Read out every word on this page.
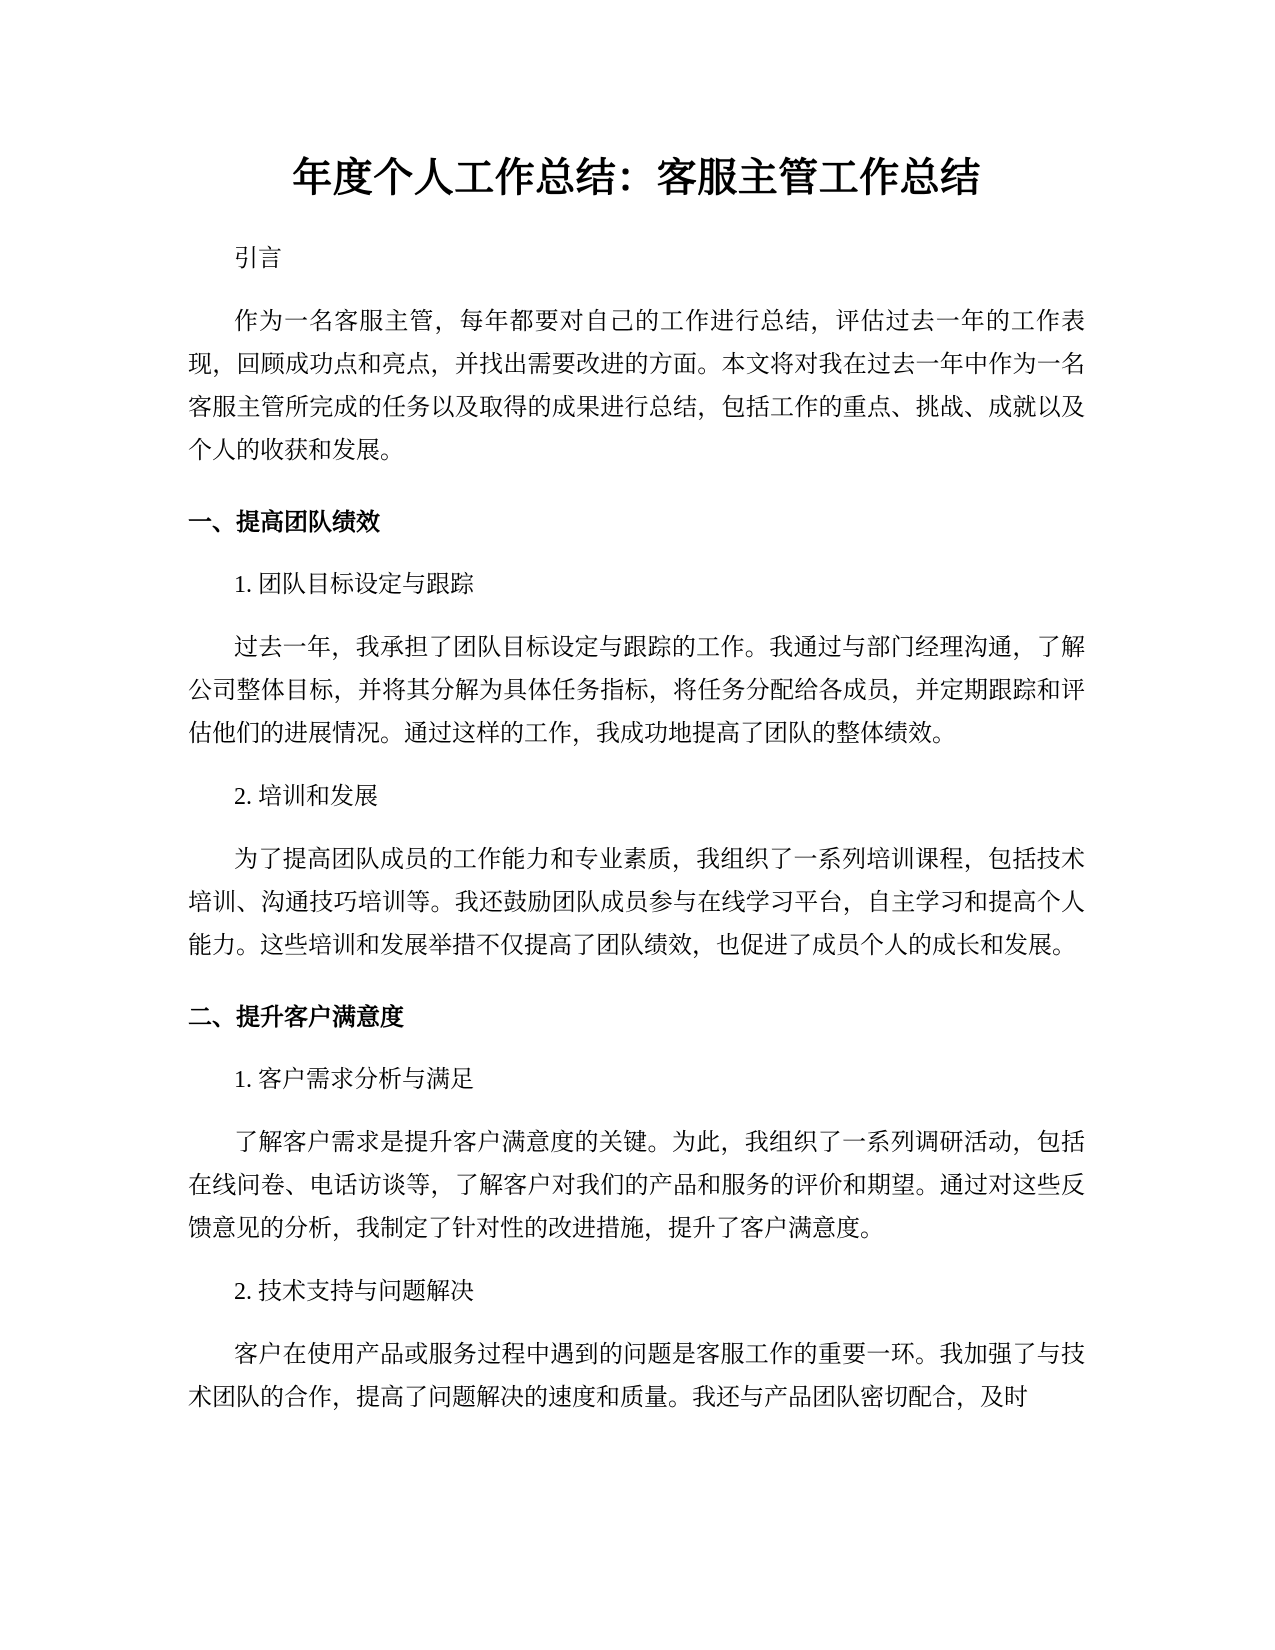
年度个人工作总结：客服主管工作总结

引言

作为一名客服主管，每年都要对自己的工作进行总结，评估过去一年的工作表现，回顾成功点和亮点，并找出需要改进的方面。本文将对我在过去一年中作为一名客服主管所完成的任务以及取得的成果进行总结，包括工作的重点、挑战、成就以及个人的收获和发展。

一、提高团队绩效

1. 团队目标设定与跟踪

过去一年，我承担了团队目标设定与跟踪的工作。我通过与部门经理沟通，了解公司整体目标，并将其分解为具体任务指标，将任务分配给各成员，并定期跟踪和评估他们的进展情况。通过这样的工作，我成功地提高了团队的整体绩效。

2. 培训和发展

为了提高团队成员的工作能力和专业素质，我组织了一系列培训课程，包括技术培训、沟通技巧培训等。我还鼓励团队成员参与在线学习平台，自主学习和提高个人能力。这些培训和发展举措不仅提高了团队绩效，也促进了成员个人的成长和发展。

二、提升客户满意度

1. 客户需求分析与满足

了解客户需求是提升客户满意度的关键。为此，我组织了一系列调研活动，包括在线问卷、电话访谈等，了解客户对我们的产品和服务的评价和期望。通过对这些反馈意见的分析，我制定了针对性的改进措施，提升了客户满意度。

2. 技术支持与问题解决

客户在使用产品或服务过程中遇到的问题是客服工作的重要一环。我加强了与技术团队的合作，提高了问题解决的速度和质量。我还与产品团队密切配合，及时
